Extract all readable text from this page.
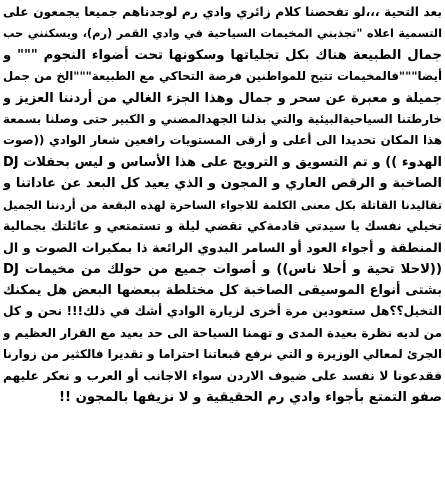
بعد التحية ،،،لو تفحصنا كلام زائري وادي رم لوجدناهم جميعا يجمعون على
التسمية اعلاه "تجذبني المخيمات السياحية في وادي القمر (رم)، ويسكنني حب
جمال الطبيعة هناك بكل تجلياتها وسكونها تحت أضواء النجوم """ و
أيضا"""فالمخيمات تتيح للمواطنين فرصة التحاكي مع الطبيعة"""الخ من جمل
جميلة و معبرة عن سحر و جمال وهذا الجزء الغالي من أردننا العزيز و
خارطتنا السياحيةالبيئية والتي بذلنا الجهدالمضني و الكبير حتى وصلنا بسمعة
هذا المكان تحديدا الى أعلى و أرقى المستويات رافعين شعار الوادي ((صوت
الهدوء )) و تم التسويق و الترويج على هذا الأساس و ليس بحفلات DJ
الصاخبة و الرقص العاري و المجون و الذي يعيد كل البعد عن عاداتنا و
تقاليدنا القاتلة بكل معنى الكلمة للاجواء الساحرة لهذه البقعة من أردننا الجميل
تخيلي نفسك يا سيدتي قادمةكي تقضي ليلة و تستمتعي و عائلتك بجمالية
المنطقة و أجواء العود أو السامر البدوي الرائعة ذا بمكبرات الصوت و ال
((لاحلا تحية و أحلا ناس)) و أصوات جميع من حولك من مخيمات DJ
بشتى أنواع الموسيقى الصاخبة كل مختلطة ببعضها البعض هل يمكنك
التخيل؟؟هل ستعودين مرة أخرى لزيارة الوادي أشك في ذلك!!! نحن و كل
من لديه نظرة بعيدة المدى و تهمنا السياحة الى حد بعيد مع القرار العظيم و
الجرئ لمعالي الوزيرة و التي نرفع قبعاتنا احتراما و تقديرا فالكثير من زوارنا
فقدعونا لا نفسد على ضيوف الاردن سواء الاجانب أو العرب و نعكر عليهم
صفو التمتع بأجواء وادي رم الحقيقية و لا نزيفها بالمجون !!
